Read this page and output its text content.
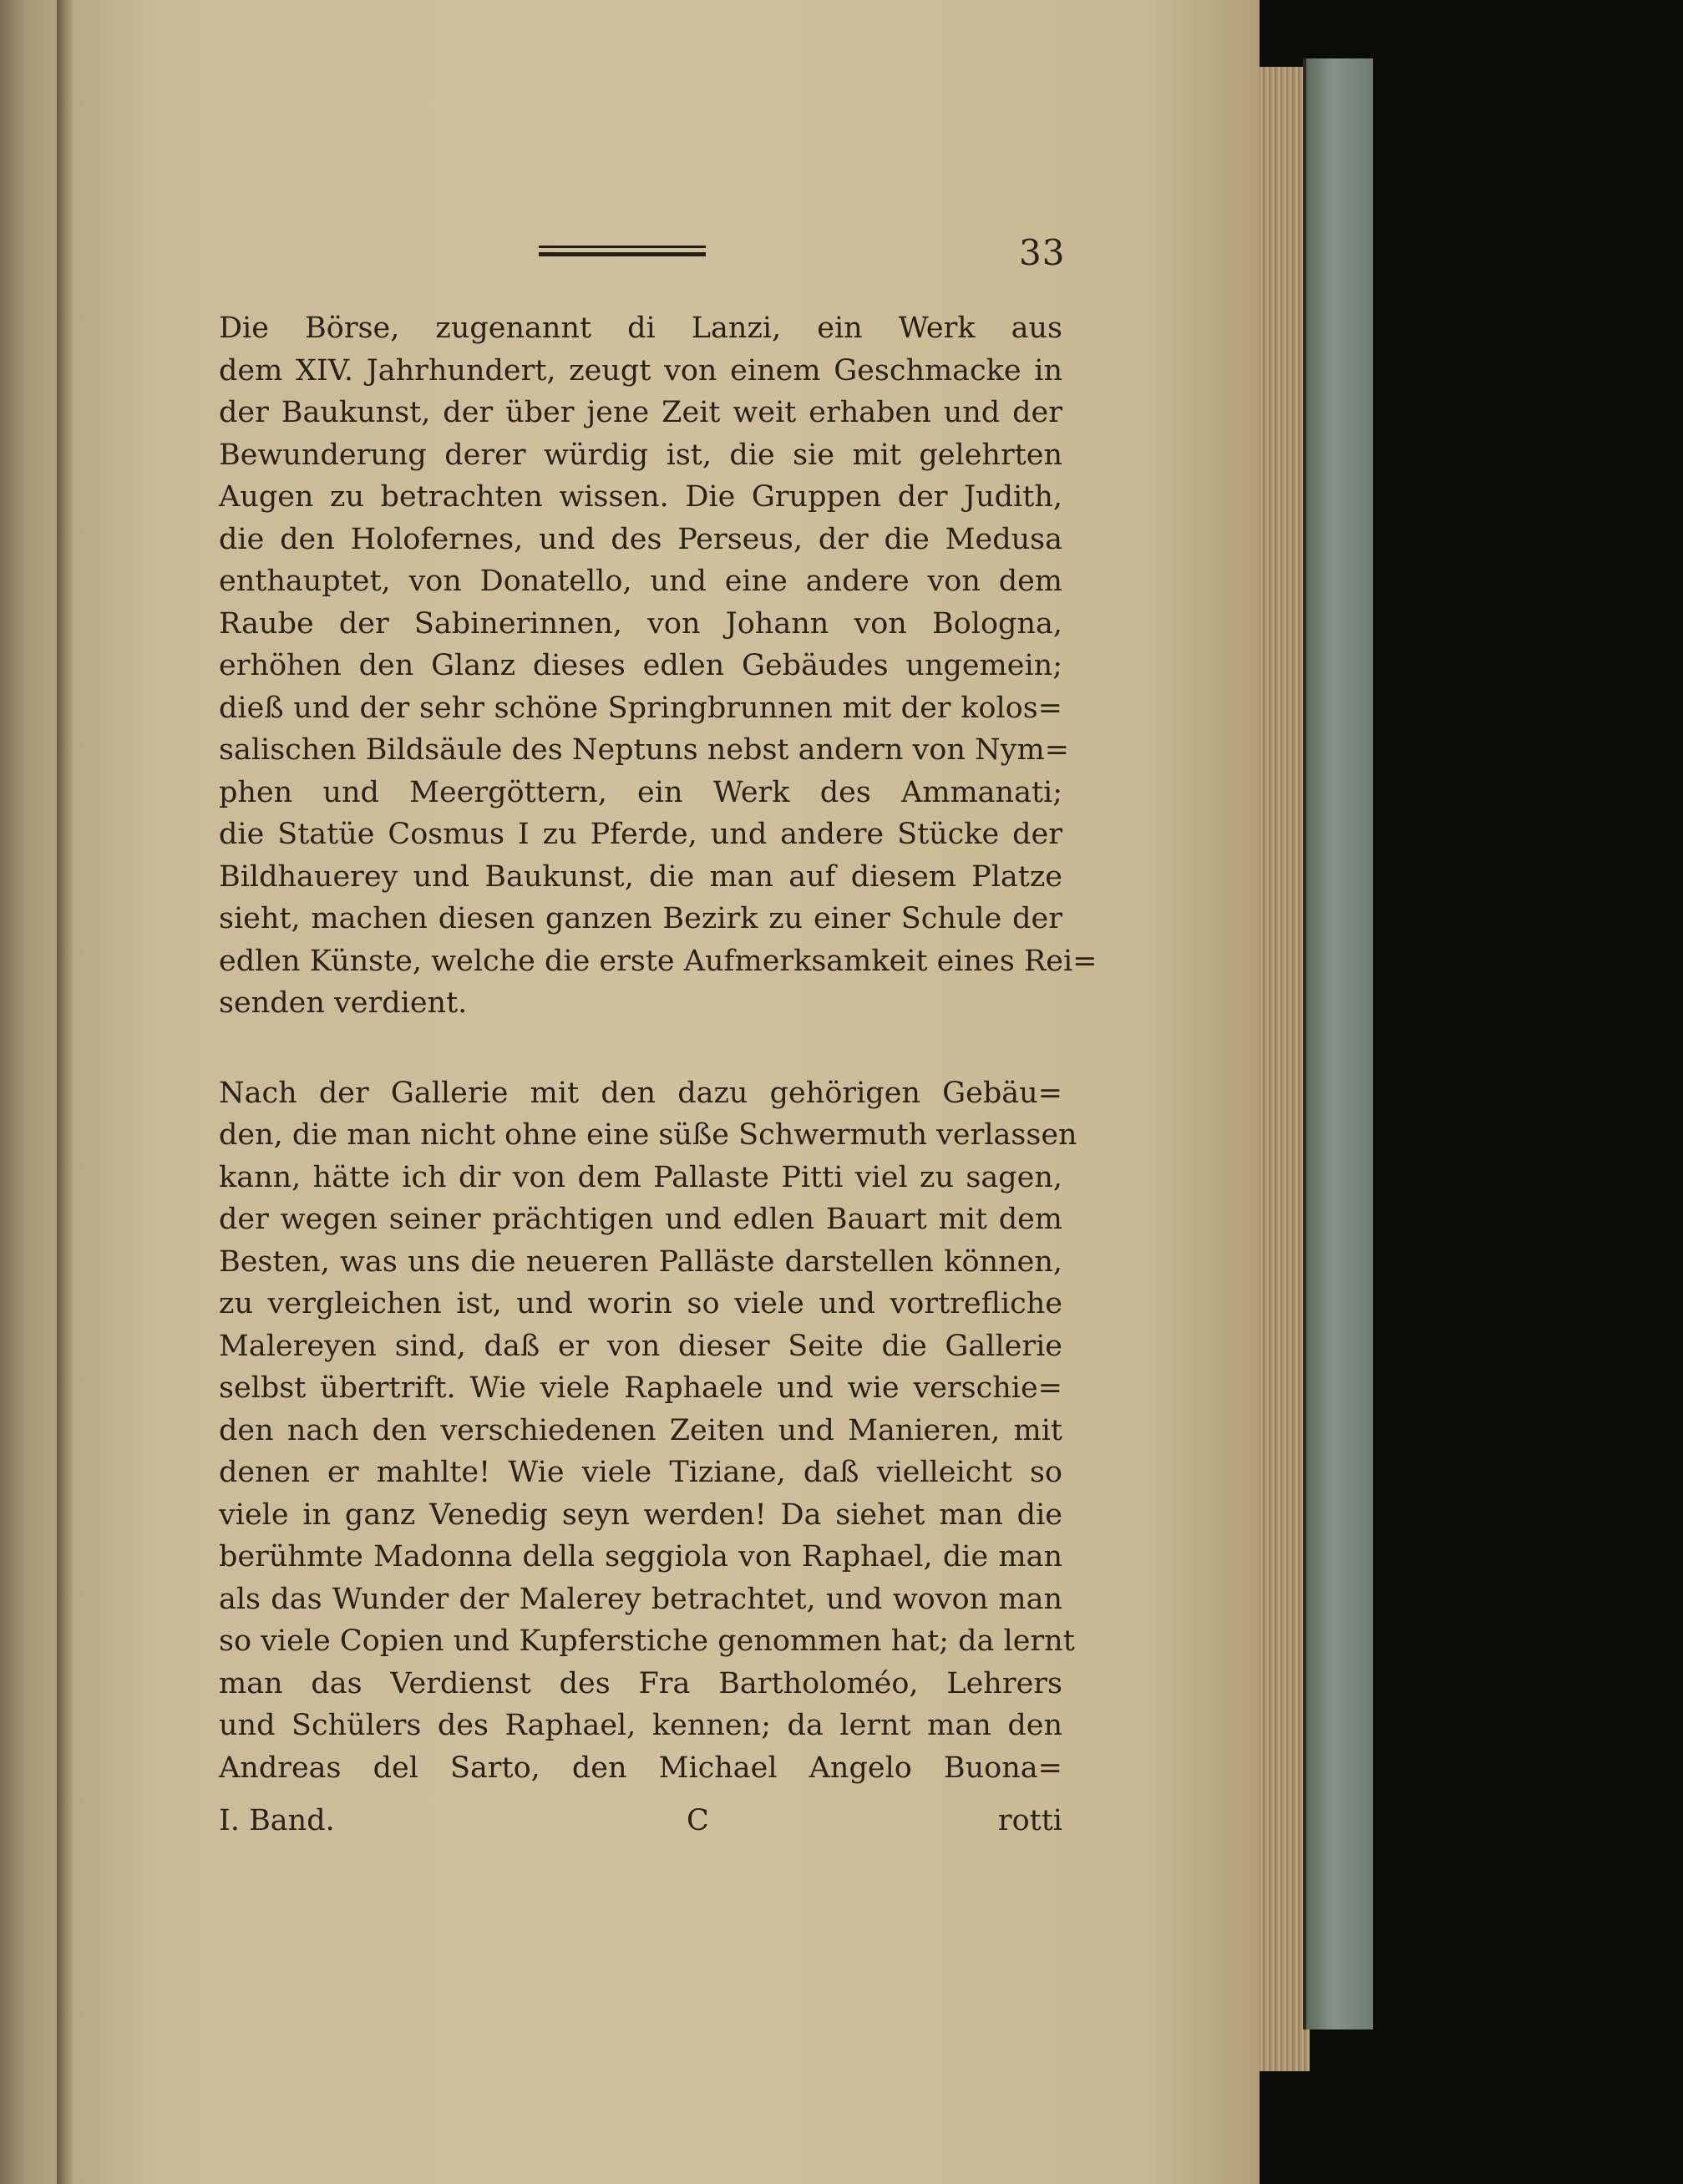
33
Die Börse, zugenannt di Lanzi, ein Werk aus
dem XIV. Jahrhundert, zeugt von einem Geschmacke in
der Baukunst, der über jene Zeit weit erhaben und der
Bewunderung derer würdig ist, die sie mit gelehrten
Augen zu betrachten wissen. Die Gruppen der Judith,
die den Holofernes, und des Perseus, der die Medusa
enthauptet, von Donatello, und eine andere von dem
Raube der Sabinerinnen, von Johann von Bologna,
erhöhen den Glanz dieses edlen Gebäudes ungemein;
dieß und der sehr schöne Springbrunnen mit der kolos=
salischen Bildsäule des Neptuns nebst andern von Nym=
phen und Meergöttern, ein Werk des Ammanati;
die Statüe Cosmus I zu Pferde, und andere Stücke der
Bildhauerey und Baukunst, die man auf diesem Platze
sieht, machen diesen ganzen Bezirk zu einer Schule der
edlen Künste, welche die erste Aufmerksamkeit eines Rei=
senden verdient.
Nach der Gallerie mit den dazu gehörigen Gebäu=
den, die man nicht ohne eine süße Schwermuth verlassen
kann, hätte ich dir von dem Pallaste Pitti viel zu sagen,
der wegen seiner prächtigen und edlen Bauart mit dem
Besten, was uns die neueren Palläste darstellen können,
zu vergleichen ist, und worin so viele und vortrefliche
Malereyen sind, daß er von dieser Seite die Gallerie
selbst übertrift. Wie viele Raphaele und wie verschie=
den nach den verschiedenen Zeiten und Manieren, mit
denen er mahlte! Wie viele Tiziane, daß vielleicht so
viele in ganz Venedig seyn werden! Da siehet man die
berühmte Madonna della seggiola von Raphael, die man
als das Wunder der Malerey betrachtet, und wovon man
so viele Copien und Kupferstiche genommen hat; da lernt
man das Verdienst des Fra Bartholoméo, Lehrers
und Schülers des Raphael, kennen; da lernt man den
Andreas del Sarto, den Michael Angelo Buona=
I. Band.	C	rotti
